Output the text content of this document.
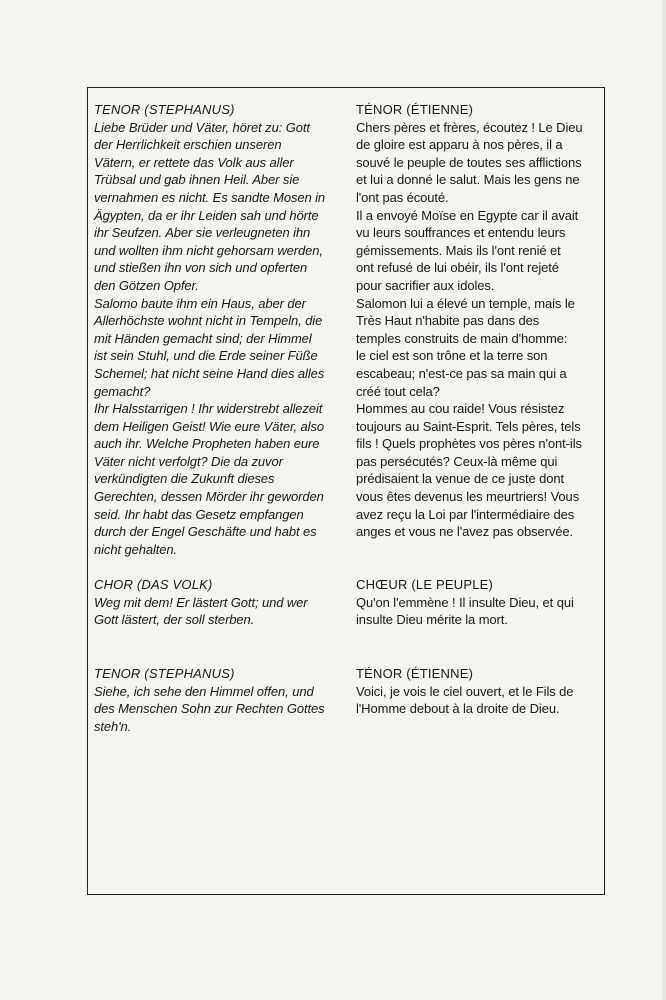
TENOR (STEPHANUS)
Liebe Brüder und Väter, höret zu: Gott
der Herrlichkeit erschien unseren
Vätern, er rettete das Volk aus aller
Trübsal und gab ihnen Heil. Aber sie
vernahmen es nicht. Es sandte Mosen in
Ägypten, da er ihr Leiden sah und hörte
ihr Seufzen. Aber sie verleugneten ihn
und wollten ihm nicht gehorsam werden,
und stießen ihn von sich und opferten
den Götzen Opfer.
Salomo baute ihm ein Haus, aber der
Allerhöchste wohnt nicht in Tempeln, die
mit Händen gemacht sind; der Himmel
ist sein Stuhl, und die Erde seiner Füße
Schemel; hat nicht seine Hand dies alles
gemacht?
Ihr Halsstarrigen ! Ihr widerstrebt allezeit
dem Heiligen Geist! Wie eure Väter, also
auch ihr. Welche Propheten haben eure
Väter nicht verfolgt? Die da zuvor
verkündigten die Zukunft dieses
Gerechten, dessen Mörder ihr geworden
seid. Ihr habt das Gesetz empfangen
durch der Engel Geschäfte und habt es
nicht gehalten.
CHOR (DAS VOLK)
Weg mit dem! Er lästert Gott; und wer
Gott lästert, der soll sterben.
TENOR (STEPHANUS)
Siehe, ich sehe den Himmel offen, und
des Menschen Sohn zur Rechten Gottes
steh'n.
TÉNOR (ÉTIENNE)
Chers pères et frères, écoutez ! Le Dieu
de gloire est apparu à nos pères, il a
souvé le peuple de toutes ses afflictions
et lui a donné le salut. Mais les gens ne
l'ont pas écouté.
Il a envoyé Moïse en Egypte car il avait
vu leurs souffrances et entendu leurs
gémissements. Mais ils l'ont renié et
ont refusé de lui obéir, ils l'ont rejeté
pour sacrifier aux idoles.
Salomon lui a élevé un temple, mais le
Très Haut n'habite pas dans des
temples construits de main d'homme:
le ciel est son trône et la terre son
escabeau; n'est-ce pas sa main qui a
créé tout cela?
Hommes au cou raide! Vous résistez
toujours au Saint-Esprit. Tels pères, tels
fils ! Quels prophètes vos pères n'ont-ils
pas persécutés? Ceux-là même qui
prédisaient la venue de ce juste dont
vous êtes devenus les meurtriers! Vous
avez reçu la Loi par l'intermédiaire des
anges et vous ne l'avez pas observée.
CHŒUR (LE PEUPLE)
Qu'on l'emmène ! Il insulte Dieu, et qui
insulte Dieu mérite la mort.
TÉNOR (ÉTIENNE)
Voici, je vois le ciel ouvert, et le Fils de
l'Homme debout à la droite de Dieu.
